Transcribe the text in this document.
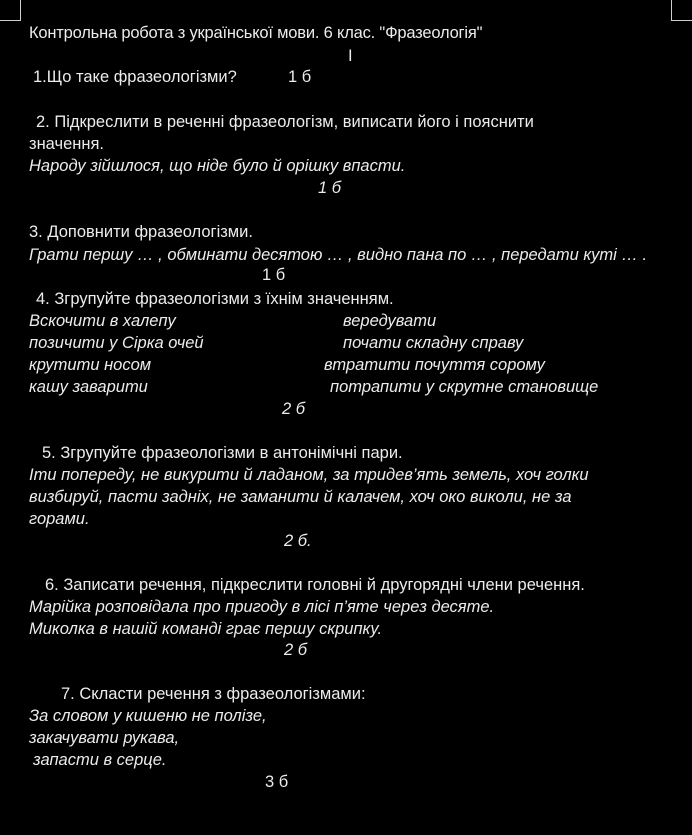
Контрольна робота з української мови. 6 клас. "Фразеологія"
I
1.Що таке фразеологізми?	1 б
2. Підкреслити в реченні фразеологізм, виписати його і пояснити
значення.
Народу зійшлося, що ніде було й орішку впасти.
1 б
3. Доповнити фразеологізми.
Грати першу … , обминати десятою … , видно пана по … , передати куті … .
1 б
4. Згрупуйте фразеологізми з їхнім значенням.
Вскочити в халепу
позичити у Сірка очей
крутити носом
кашу заварити
вередувати
почати складну справу
втратити почуття сорому
потрапити у скрутне становище
2 б
5. Згрупуйте фразеологізми в антонімічні пари.
Іти попереду, не викурити й ладаном, за тридев’ять земель, хоч голки
визбируй, пасти задніх, не заманити й калачем, хоч око виколи, не за
горами.
2 б.
6. Записати речення, підкреслити головні й другорядні члени речення.
Марійка розповідала про пригоду в лісі п’яте через десяте.
Миколка в нашій команді грає першу скрипку.
2 б
7. Скласти речення з фразеологізмами:
За словом у кишеню не полізе,
закачувати рукава,
запасти в серце.
3 б
